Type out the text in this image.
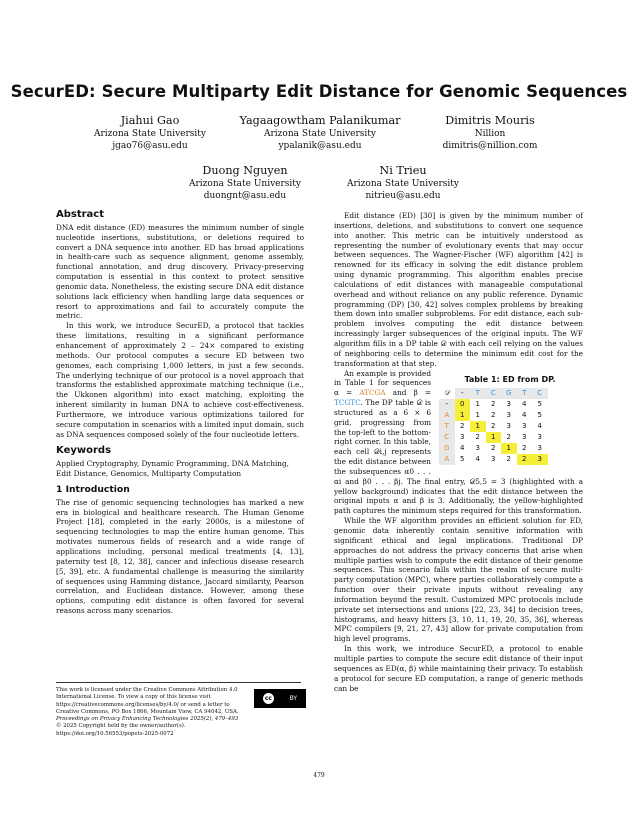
SecurED: Secure Multiparty Edit Distance for Genomic Sequences
Jiahui Gao
Arizona State University
jgao76@asu.edu
Yagaagowtham Palanikumar
Arizona State University
ypalanik@asu.edu
Dimitris Mouris
Nillion
dimitris@nillion.com
Duong Nguyen
Arizona State University
duongnt@asu.edu
Ni Trieu
Arizona State University
nitrieu@asu.edu
Abstract

DNA edit distance (ED) measures the minimum number of single nucleotide insertions, substitutions, or deletions required to convert a DNA sequence into another. ED has broad applications in health-care such as sequence alignment, genome assembly, functional annotation, and drug discovery. Privacy-preserving computation is essential in this context to protect sensitive genomic data. Nonetheless, the existing secure DNA edit distance solutions lack efficiency when handling large data sequences or resort to approximations and fail to accurately compute the metric.

In this work, we introduce SecurED, a protocol that tackles these limitations, resulting in a significant performance enhancement of approximately 2 – 24× compared to existing methods. Our protocol computes a secure ED between two genomes, each comprising 1,000 letters, in just a few seconds. The underlying technique of our protocol is a novel approach that transforms the established approximate matching technique (i.e., the Ukkonen algorithm) into exact matching, exploiting the inherent similarity in human DNA to achieve cost-effectiveness. Furthermore, we introduce various optimizations tailored for secure computation in scenarios with a limited input domain, such as DNA sequences composed solely of the four nucleotide letters.

Keywords

Applied Cryptography, Dynamic Programming, DNA Matching, Edit Distance, Genomics, Multiparty Computation

1 Introduction

The rise of genomic sequencing technologies has marked a new era in biological and healthcare research. The Human Genome Project [18], completed in the early 2000s, is a milestone of sequencing technologies to map the entire human genome. This motivates numerous fields of research and a wide range of applications including, personal medical treatments [4, 13], paternity test [8, 12, 38], cancer and infectious disease research [5, 39], etc. A fundamental challenge is measuring the similarity of sequences using Hamming distance, Jaccard similarity, Pearson correlation, and Euclidean distance. However, among these options, computing edit distance is often favored for several reasons across many scenarios.

This work is licensed under the Creative Commons Attribution 4.0 International License. To view a copy of this license visit https://creativecommons.org/licenses/by/4.0/ or send a letter to Creative Commons, PO Box 1866, Mountain View, CA 94042, USA.
Proceedings on Privacy Enhancing Technologies 2025(2), 479–493
© 2025 Copyright held by the owner/author(s).
https://doi.org/10.56553/popets-2025-0072
cc	BY

Edit distance (ED) [30] is given by the minimum number of insertions, deletions, and substitutions to convert one sequence into another. This metric can be intuitively understood as representing the number of evolutionary events that may occur between sequences. The Wagner-Fischer (WF) algorithm [42] is renowned for its efficacy in solving the edit distance problem using dynamic programming. This algorithm enables precise calculations of edit distances with manageable computational overhead and without reliance on any public reference. Dynamic programming (DP) [30, 42] solves complex problems by breaking them down into smaller subproblems. For edit distance, each sub-problem involves computing the edit distance between increasingly larger subsequences of the original inputs. The WF algorithm fills in a DP table 𝒟 with each cell relying on the values of neighboring cells to determine the minimum edit cost for the transformation at that step.

Table 1: ED from DP.
𝒟	-	T	C	G	T	C
-	0	1	2	3	4	5
A	1	1	2	3	4	5
T	2	1	2	3	3	4
C	3	2	1	2	3	3
G	4	3	2	1	2	3
A	5	4	3	2	2	3

An example is provided in Table 1 for sequences α = ATCGA and β = TCGTC. The DP table 𝒟 is structured as a 6 × 6 grid, progressing from the top-left to the bottom-right corner. In this table, each cell 𝒟i,j represents the edit distance between the subsequences α0 . . . αi and β0 . . . βj. The final entry, 𝒟5,5 = 3 (highlighted with a yellow background) indicates that the edit distance between the original inputs α and β is 3. Additionally, the yellow-highlighted path captures the minimum steps required for this transformation.

While the WF algorithm provides an efficient solution for ED, genomic data inherently contain sensitive information with significant ethical and legal implications. Traditional DP approaches do not address the privacy concerns that arise when multiple parties wish to compute the edit distance of their genome sequences. This scenario falls within the realm of secure multi-party computation (MPC), where parties collaboratively compute a function over their private inputs without revealing any information beyond the result. Customized MPC protocols include private set intersections and unions [22, 23, 34] to decision trees, histograms, and heavy hitters [3, 10, 11, 19, 20, 35, 36], whereas MPC compilers [9, 21, 27, 43] allow for private computation from high level programs.

In this work, we introduce SecurED, a protocol to enable multiple parties to compute the secure edit distance of their input sequences as ED(α, β) while maintaining their privacy. To establish a protocol for secure ED computation, a range of generic methods can be

479
